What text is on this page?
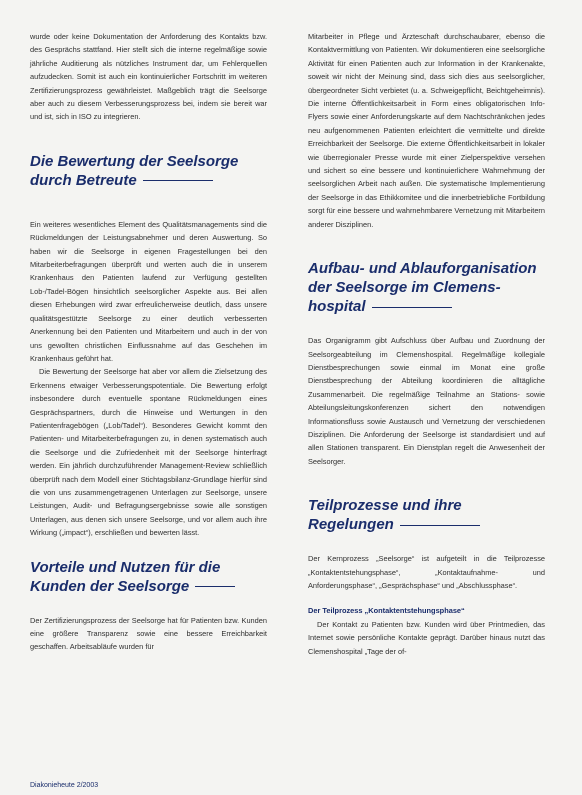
wurde oder keine Dokumentation der Anforderung des Kontakts bzw. des Gesprächs stattfand. Hier stellt sich die interne regelmäßige sowie jährliche Auditierung als nützliches Instrument dar, um Fehlerquellen aufzudecken. Somit ist auch ein kontinuierlicher Fortschritt im weiteren Zertifizierungsprozess gewährleistet. Maßgeblich trägt die Seelsorge aber auch zu diesem Verbesserungsprozess bei, indem sie bereit war und ist, sich in ISO zu integrieren.

Die Bewertung der Seelsorge durch Betreute

Ein weiteres wesentliches Element des Qualitätsmanagements sind die Rückmeldungen der Leistungsabnehmer und deren Auswertung. So haben wir die Seelsorge in eigenen Fragestellungen bei den Mitarbeiterbefragungen überprüft und werten auch die in unserem Krankenhaus den Patienten laufend zur Verfügung gestellten Lob-/Tadel-Bögen hinsichtlich seelsorglicher Aspekte aus. Bei allen diesen Erhebungen wird zwar erfreulicherweise deutlich, dass unsere qualitätsgestützte Seelsorge zu einer deutlich verbesserten Anerkennung bei den Patienten und Mitarbeitern und auch in der von uns gewollten christlichen Einflussnahme auf das Geschehen im Krankenhaus geführt hat.

Die Bewertung der Seelsorge hat aber vor allem die Zielsetzung des Erkennens etwaiger Verbesserungspotentiale. Die Bewertung erfolgt insbesondere durch eventuelle spontane Rückmeldungen eines Gesprächspartners, durch die Hinweise und Wertungen in den Patientenfragebögen („Lob/Tadel“). Besonderes Gewicht kommt den Patienten- und Mitarbeiterbefragungen zu, in denen systematisch auch die Seelsorge und die Zufriedenheit mit der Seelsorge hinterfragt werden. Ein jährlich durchzuführender Management-Review schließlich überprüft nach dem Modell einer Stichtagsbilanz-Grundlage hierfür sind die von uns zusammengetragenen Unterlagen zur Seelsorge, unsere Leistungen, Audit- und Befragungsergebnisse sowie alle sonstigen Unterlagen, aus denen sich unsere Seelsorge, und vor allem auch ihre Wirkung („impact“), erschließen und bewerten lässt.

Vorteile und Nutzen für die Kunden der Seelsorge

Der Zertifizierungsprozess der Seelsorge hat für Patienten bzw. Kunden eine größere Transparenz sowie eine bessere Erreichbarkeit geschaffen. Arbeitsabläufe wurden für

Mitarbeiter in Pflege und Ärzteschaft durchschaubarer, ebenso die Kontaktvermittlung von Patienten. Wir dokumentieren eine seelsorgliche Aktivität für einen Patienten auch zur Information in der Krankenakte, soweit wir nicht der Meinung sind, dass sich dies aus seelsorglicher, übergeordneter Sicht verbietet (u. a. Schweigepflicht, Beichtgeheimnis). Die interne Öffentlichkeitsarbeit in Form eines obligatorischen Info-Flyers sowie einer Anforderungskarte auf dem Nachtschränkchen jedes neu aufgenommenen Patienten erleichtert die vermittelte und direkte Erreichbarkeit der Seelsorge. Die externe Öffentlichkeitsarbeit in lokaler wie überregionaler Presse wurde mit einer Zielperspektive versehen und sichert so eine bessere und kontinuierlichere Wahrnehmung der seelsorglichen Arbeit nach außen. Die systematische Implementierung der Seelsorge in das Ethikkomitee und die innerbetriebliche Fortbildung sorgt für eine bessere und wahrnehmbarere Vernetzung mit Mitarbeitern anderer Disziplinen.

Aufbau- und Ablauforganisation der Seelsorge im Clemens-hospital

Das Organigramm gibt Aufschluss über Aufbau und Zuordnung der Seelsorgeabteilung im Clemenshospital. Regelmäßige kollegiale Dienstbesprechungen sowie einmal im Monat eine große Dienstbesprechung der Abteilung koordinieren die alltägliche Zusammenarbeit. Die regelmäßige Teilnahme an Stations- sowie Abteilungsleitungskonferenzen sichert den notwendigen Informationsfluss sowie Austausch und Vernetzung der verschiedenen Disziplinen. Die Anforderung der Seelsorge ist standardisiert und auf allen Stationen transparent. Ein Dienstplan regelt die Anwesenheit der Seelsorger.

Teilprozesse und ihre Regelungen

Der Kernprozess „Seelsorge“ ist aufgeteilt in die Teilprozesse „Kontaktentstehungsphase“, „Kontaktaufnahme- und Anforderungsphase“, „Gesprächsphase“ und „Abschlussphase“.

Der Teilprozess „Kontaktentstehungsphase“

Der Kontakt zu Patienten bzw. Kunden wird über Printmedien, das Internet sowie persönliche Kontakte geprägt. Darüber hinaus nutzt das Clemenshospital „Tage der of-

Diakonieheute 2/2003
